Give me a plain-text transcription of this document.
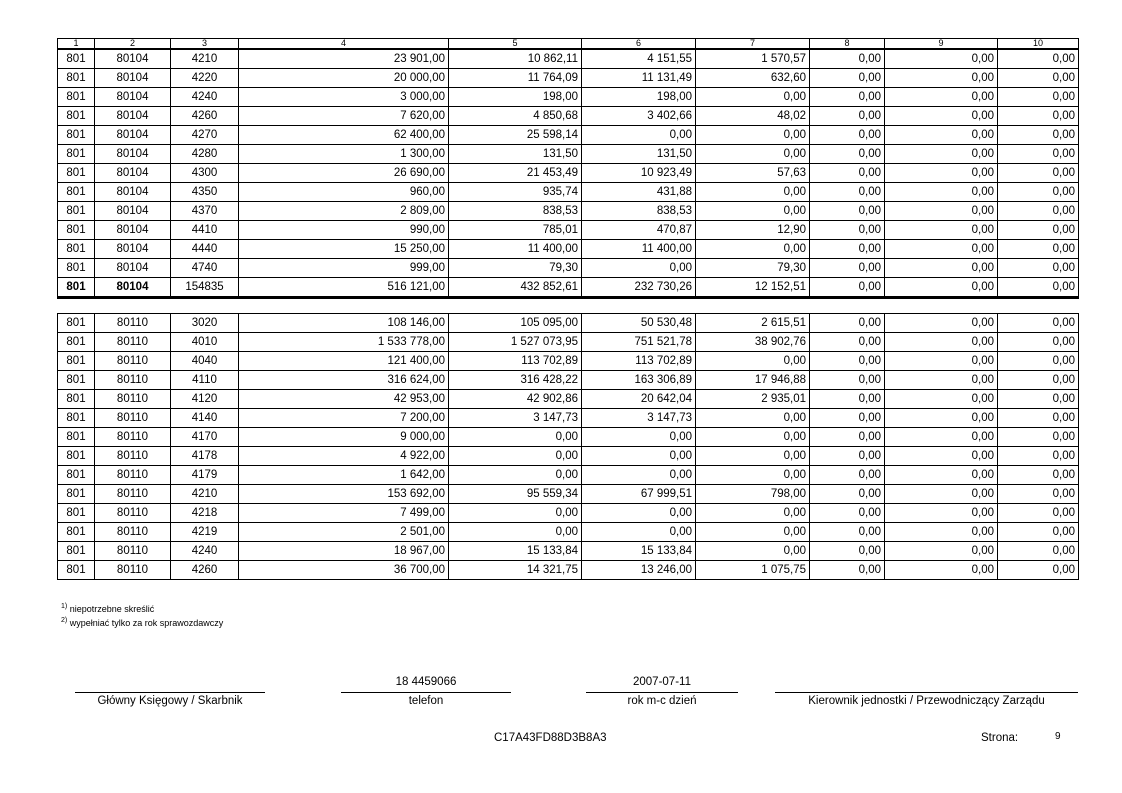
1	2	3	4	5	6	7	8	9	10
801	80104	4210	23 901,00	10 862,11	4 151,55	1 570,57	0,00	0,00	0,00
801	80104	4220	20 000,00	11 764,09	11 131,49	632,60	0,00	0,00	0,00
801	80104	4240	3 000,00	198,00	198,00	0,00	0,00	0,00	0,00
801	80104	4260	7 620,00	4 850,68	3 402,66	48,02	0,00	0,00	0,00
801	80104	4270	62 400,00	25 598,14	0,00	0,00	0,00	0,00	0,00
801	80104	4280	1 300,00	131,50	131,50	0,00	0,00	0,00	0,00
801	80104	4300	26 690,00	21 453,49	10 923,49	57,63	0,00	0,00	0,00
801	80104	4350	960,00	935,74	431,88	0,00	0,00	0,00	0,00
801	80104	4370	2 809,00	838,53	838,53	0,00	0,00	0,00	0,00
801	80104	4410	990,00	785,01	470,87	12,90	0,00	0,00	0,00
801	80104	4440	15 250,00	11 400,00	11 400,00	0,00	0,00	0,00	0,00
801	80104	4740	999,00	79,30	0,00	79,30	0,00	0,00	0,00
801	80104	154835	516 121,00	432 852,61	232 730,26	12 152,51	0,00	0,00	0,00

801	80110	3020	108 146,00	105 095,00	50 530,48	2 615,51	0,00	0,00	0,00
801	80110	4010	1 533 778,00	1 527 073,95	751 521,78	38 902,76	0,00	0,00	0,00
801	80110	4040	121 400,00	113 702,89	113 702,89	0,00	0,00	0,00	0,00
801	80110	4110	316 624,00	316 428,22	163 306,89	17 946,88	0,00	0,00	0,00
801	80110	4120	42 953,00	42 902,86	20 642,04	2 935,01	0,00	0,00	0,00
801	80110	4140	7 200,00	3 147,73	3 147,73	0,00	0,00	0,00	0,00
801	80110	4170	9 000,00	0,00	0,00	0,00	0,00	0,00	0,00
801	80110	4178	4 922,00	0,00	0,00	0,00	0,00	0,00	0,00
801	80110	4179	1 642,00	0,00	0,00	0,00	0,00	0,00	0,00
801	80110	4210	153 692,00	95 559,34	67 999,51	798,00	0,00	0,00	0,00
801	80110	4218	7 499,00	0,00	0,00	0,00	0,00	0,00	0,00
801	80110	4219	2 501,00	0,00	0,00	0,00	0,00	0,00	0,00
801	80110	4240	18 967,00	15 133,84	15 133,84	0,00	0,00	0,00	0,00
801	80110	4260	36 700,00	14 321,75	13 246,00	1 075,75	0,00	0,00	0,00
$^{1)}$ niepotrzebne skreślić
$^{2)}$ wypełniać tylko za rok sprawozdawczy
Główny Księgowy / Skarbnik
18 4459066
telefon
2007-07-11
rok m-c dzień	Kierownik jednostki / Przewodniczący Zarządu
C17A43FD88D3B8A3	Strona:	9
